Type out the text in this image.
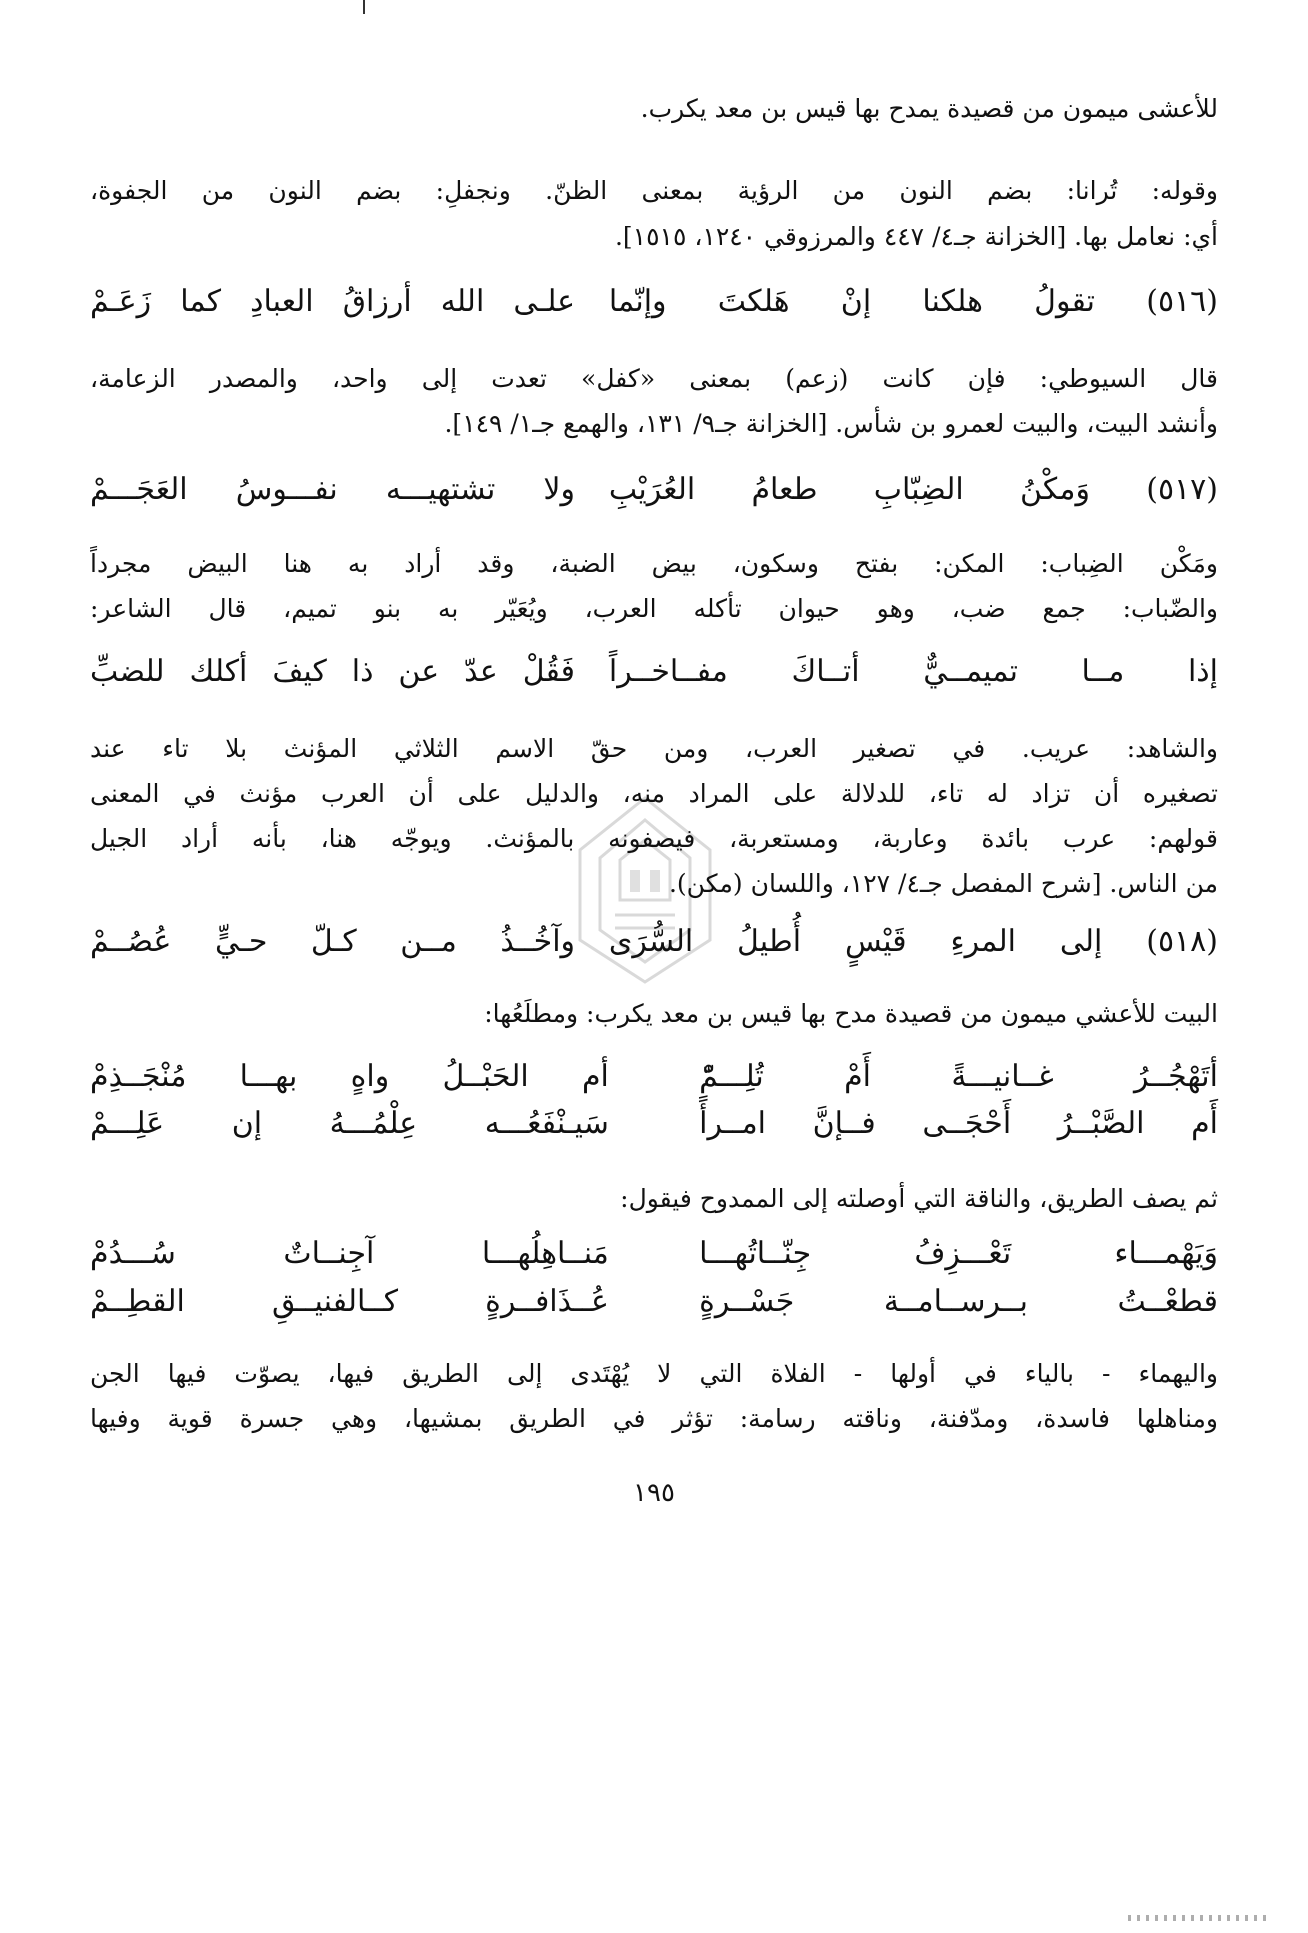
للأعشى ميمون من قصيدة يمدح بها قيس بن معد يكرب.
وقوله: تُرانا: بضم النون من الرؤية بمعنى الظنّ. ونجفلِ: بضم النون من الجفوة،
أي: نعامل بها. [الخزانة جـ٤/ ٤٤٧ والمرزوقي ١٢٤٠، ١٥١٥].
(٥١٦) تقولُ هلكنا إنْ هَلكتَ وإنّما
علـى الله أرزاقُ العبادِ كما زَعَـمْ
قال السيوطي: فإن كانت (زعم) بمعنى «كفل» تعدت إلى واحد، والمصدر الزعامة،
وأنشد البيت، والبيت لعمرو بن شأس. [الخزانة جـ٩/ ١٣١، والهمع جـ١/ ١٤٩].
(٥١٧) وَمكْنُ الضِبّابِ طعامُ العُرَيْبِ
ولا تشتهيـــه نفـــوسُ العَجَـــمْ
ومَكْن الضِباب: المكن: بفتح وسكون، بيض الضبة، وقد أراد به هنا البيض مجرداً
والضّباب: جمع ضب، وهو حيوان تأكله العرب، ويُعَيّر به بنو تميم، قال الشاعر:
إذا مــا تميمــيٌّ أتــاكَ مفــاخــراً
فَقُلْ عدّ عن ذا كيفَ أكلك للضبِّ
والشاهد: عريب. في تصغير العرب، ومن حقّ الاسم الثلاثي المؤنث بلا تاء عند
تصغيره أن تزاد له تاء، للدلالة على المراد منه، والدليل على أن العرب مؤنث في المعنى
قولهم: عرب بائدة وعاربة، ومستعربة، فيصفونه بالمؤنث. ويوجّه هنا، بأنه أراد الجيل
من الناس. [شرح المفصل جـ٤/ ١٢٧، واللسان (مكن).
(٥١٨) إلى المرءِ قَيْسٍ أُطيلُ السُّرَى
وآخُــذُ مــن كـلّ حـيٍّ عُصُــمْ
البيت للأعشي ميمون من قصيدة مدح بها قيس بن معد يكرب: ومطلَعُها:
أتَهْجُــرُ غــانيـــةً أَمْ تُلِـــمّْ
أم الحَبْــلُ واهٍ بهـــا مُنْجَــذِمْ
أَم الصَّبْــرُ أَحْجَــى فــإنَّ امــرأً
سَيـنْفَعُـــه عِلْمُـــهُ إن عَلِـــمْ
ثم يصف الطريق، والناقة التي أوصلته إلى الممدوح فيقول:
وَيَهْمـــاء تَعْـــزِفُ جِنّــاتُهـــا
مَنــاهِلُهـــا آجِنــاتٌ سُـــدُمْ
قطعْــتُ بــرســامــة جَسْــرةٍ
عُــذَافــرةٍ كــالفنيــقِ القطِــمْ
واليهماء - بالياء في أولها - الفلاة التي لا يُهْتَدى إلى الطريق فيها، يصوّت فيها الجن
ومناهلها فاسدة، ومدّفنة، وناقته رسامة: تؤثر في الطريق بمشيها، وهي جسرة قوية وفيها
١٩٥
